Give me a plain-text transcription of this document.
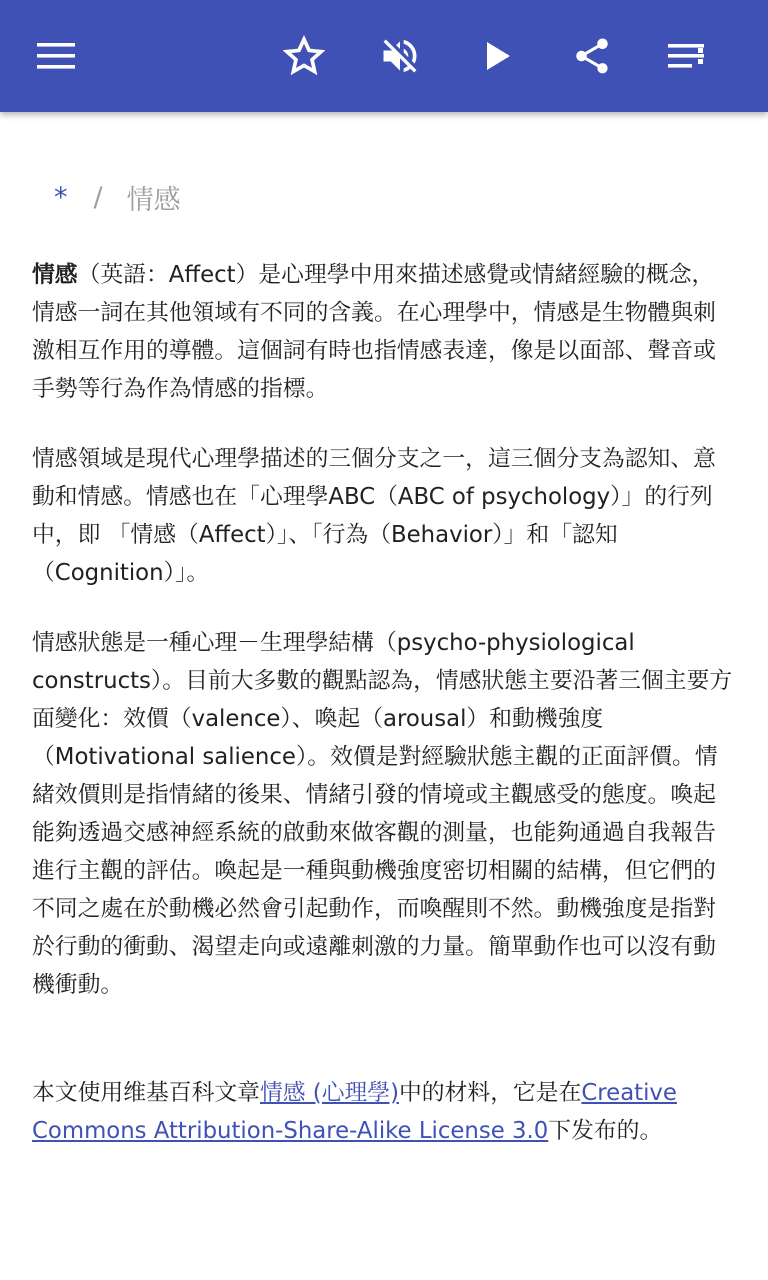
* / 情感

情感（英語：Affect）是心理學中用來描述感覺或情緒經驗的概念，情感一詞在其他領域有不同的含義。在心理學中，情感是生物體與刺激相互作用的導體。這個詞有時也指情感表達，像是以面部、聲音或手勢等行為作為情感的指標。

情感領域是現代心理學描述的三個分支之一，這三個分支為認知、意動和情感。情感也在「心理學ABC（ABC of psychology）」的行列中，即 「情感（Affect）」、「行為（Behavior）」和「認知（Cognition）」。

情感狀態是一種心理－生理學結構（psycho-physiological constructs）。目前大多數的觀點認為，情感狀態主要沿著三個主要方面變化：效價（valence）、喚起（arousal）和動機強度（Motivational salience）。效價是對經驗狀態主觀的正面評價。情緒效價則是指情緒的後果、情緒引發的情境或主觀感受的態度。喚起能夠透過交感神經系統的啟動來做客觀的測量，也能夠通過自我報告進行主觀的評估。喚起是一種與動機強度密切相關的結構，但它們的不同之處在於動機必然會引起動作，而喚醒則不然。動機強度是指對於行動的衝動、渴望走向或遠離刺激的力量。簡單動作也可以沒有動機衝動。

本文使用维基百科文章情感 (心理學)中的材料，它是在Creative Commons Attribution-Share-Alike License 3.0下发布的。
